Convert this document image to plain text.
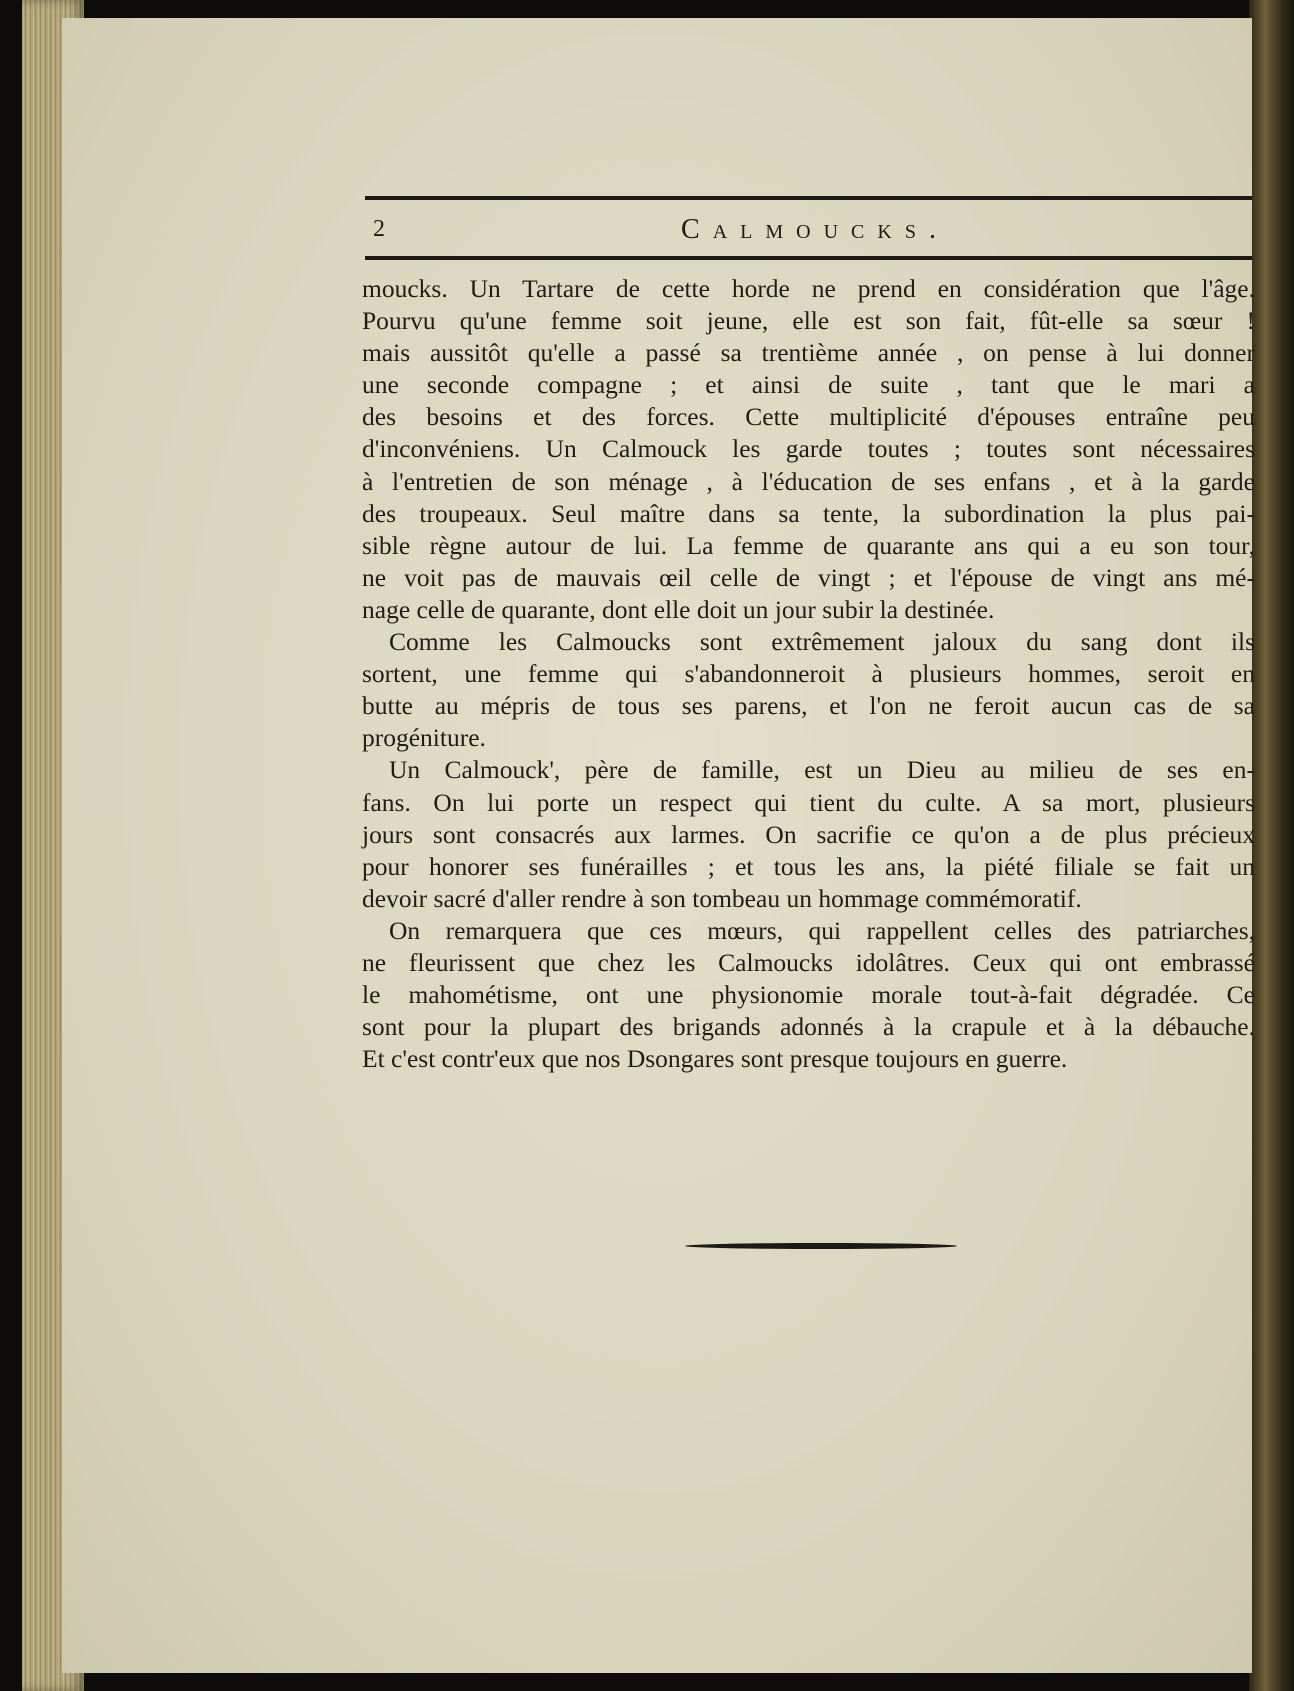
2	Calmoucks.

moucks. Un Tartare de cette horde ne prend en considération que l'âge.

Pourvu qu'une femme soit jeune, elle est son fait, fût-elle sa sœur !

mais aussitôt qu'elle a passé sa trentième année , on pense à lui donner

une seconde compagne ; et ainsi de suite , tant que le mari a

des besoins et des forces. Cette multiplicité d'épouses entraîne peu

d'inconvéniens. Un Calmouck les garde toutes ; toutes sont nécessaires

à l'entretien de son ménage , à l'éducation de ses enfans , et à la garde

des troupeaux. Seul maître dans sa tente, la subordination la plus pai-

sible règne autour de lui. La femme de quarante ans qui a eu son tour,

ne voit pas de mauvais œil celle de vingt ; et l'épouse de vingt ans mé-

nage celle de quarante, dont elle doit un jour subir la destinée.

Comme les Calmoucks sont extrêmement jaloux du sang dont ils

sortent, une femme qui s'abandonneroit à plusieurs hommes, seroit en

butte au mépris de tous ses parens, et l'on ne feroit aucun cas de sa

progéniture.

Un Calmouck', père de famille, est un Dieu au milieu de ses en-

fans. On lui porte un respect qui tient du culte. A sa mort, plusieurs

jours sont consacrés aux larmes. On sacrifie ce qu'on a de plus précieux

pour honorer ses funérailles ; et tous les ans, la piété filiale se fait un

devoir sacré d'aller rendre à son tombeau un hommage commémoratif.

On remarquera que ces mœurs, qui rappellent celles des patriarches,

ne fleurissent que chez les Calmoucks idolâtres. Ceux qui ont embrassé

le mahométisme, ont une physionomie morale tout-à-fait dégradée. Ce

sont pour la plupart des brigands adonnés à la crapule et à la débauche.

Et c'est contr'eux que nos Dsongares sont presque toujours en guerre.
